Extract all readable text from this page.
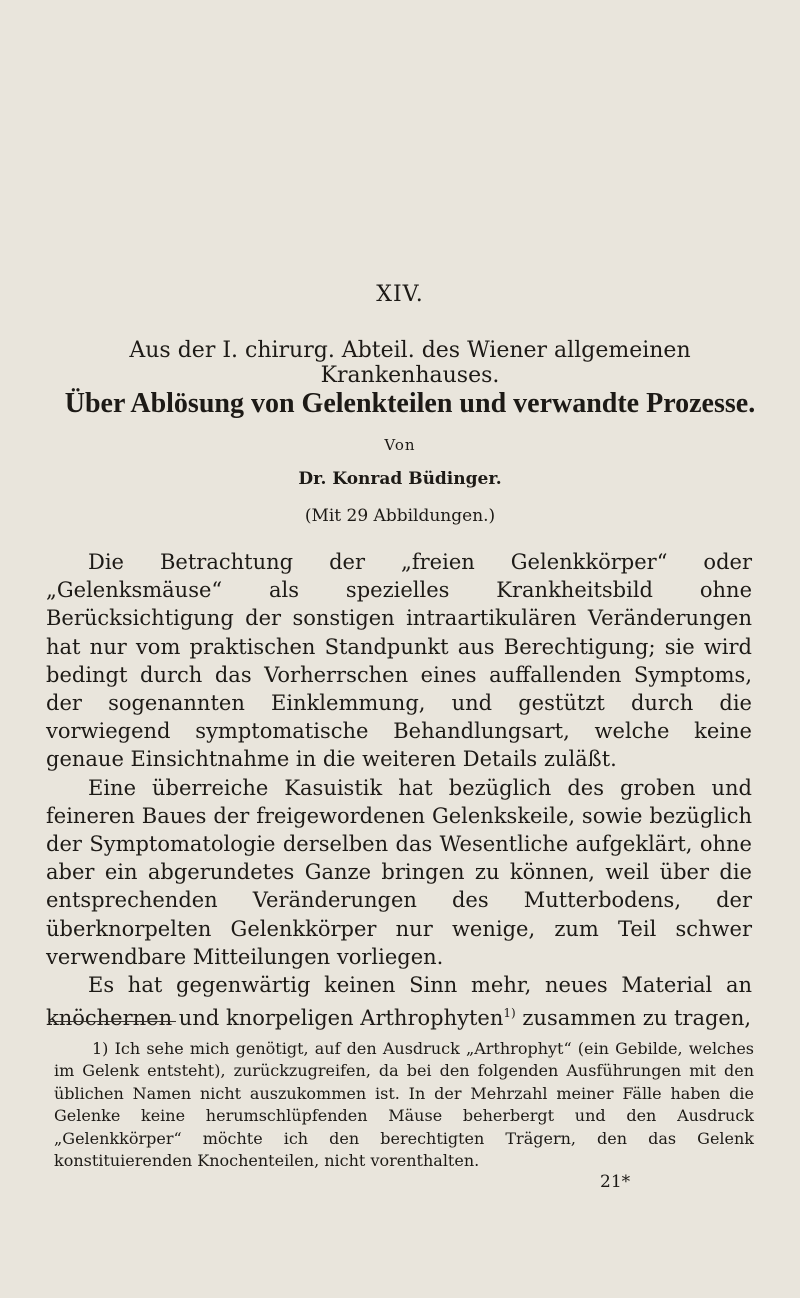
XIV.
Aus der I. chirurg. Abteil. des Wiener allgemeinen Krankenhauses.
Über Ablösung von Gelenkteilen und verwandte Prozesse.
Von
Dr. Konrad Büdinger.
(Mit 29 Abbildungen.)

Die Betrachtung der „freien Gelenkkörper“ oder „Gelenksmäuse“ als spezielles Krankheitsbild ohne Berücksichtigung der sonstigen intraartikulären Veränderungen hat nur vom praktischen Standpunkt aus Berechtigung; sie wird bedingt durch das Vorherrschen eines auffallenden Symptoms, der sogenannten Einklemmung, und gestützt durch die vorwiegend symptomatische Behandlungsart, welche keine genaue Einsichtnahme in die weiteren Details zuläßt.

Eine überreiche Kasuistik hat bezüglich des groben und feineren Baues der freigewordenen Gelenkskeile, sowie bezüglich der Symptomatologie derselben das Wesentliche aufgeklärt, ohne aber ein abgerundetes Ganze bringen zu können, weil über die entsprechenden Veränderungen des Mutterbodens, der überknorpelten Gelenkkörper nur wenige, zum Teil schwer verwendbare Mitteilungen vorliegen.

Es hat gegenwärtig keinen Sinn mehr, neues Material an knöchernen und knorpeligen Arthrophyten$^{1)}$ zusammen zu tragen,

1) Ich sehe mich genötigt, auf den Ausdruck „Arthrophyt“ (ein Gebilde, welches im Gelenk entsteht), zurückzugreifen, da bei den folgenden Ausführungen mit den üblichen Namen nicht auszukommen ist. In der Mehrzahl meiner Fälle haben die Gelenke keine herumschlüpfenden Mäuse beherbergt und den Ausdruck „Gelenkkörper“ möchte ich den berechtigten Trägern, den das Gelenk konstituierenden Knochenteilen, nicht vorenthalten.
21*
